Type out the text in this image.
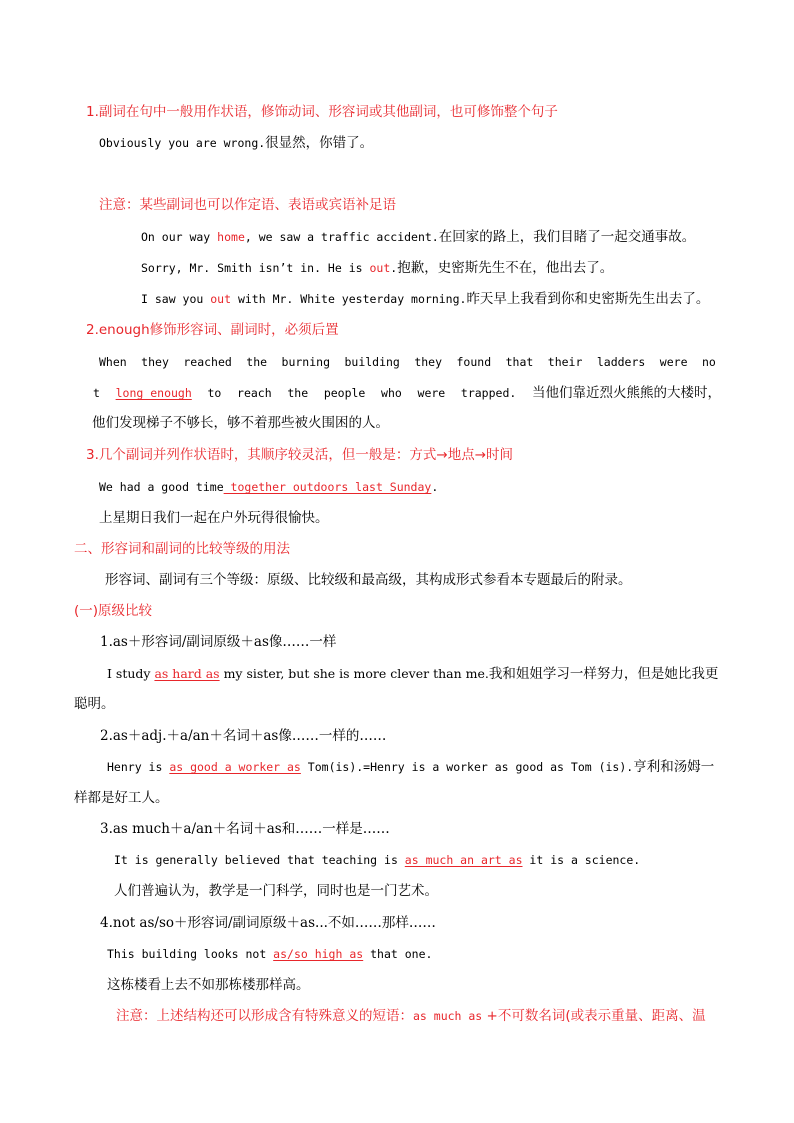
1.副词在句中一般用作状语，修饰动词、形容词或其他副词，也可修饰整个句子
Obviously you are wrong.很显然，你错了。
注意：某些副词也可以作定语、表语或宾语补足语
On our way home, we saw a traffic accident.在回家的路上，我们目睹了一起交通事故。
Sorry, Mr. Smith isn’t in. He is out.抱歉，史密斯先生不在，他出去了。
I saw you out with Mr. White yesterday morning.昨天早上我看到你和史密斯先生出去了。
2.enough修饰形容词、副词时，必须后置
When they reached the burning building they found that their ladders were no
t long enough to reach the people who were trapped. 当他们靠近烈火熊熊的大楼时，
他们发现梯子不够长，够不着那些被火围困的人。
3.几个副词并列作状语时，其顺序较灵活，但一般是：方式→地点→时间
We had a good time together outdoors last Sunday.
上星期日我们一起在户外玩得很愉快。
二、形容词和副词的比较等级的用法
形容词、副词有三个等级：原级、比较级和最高级，其构成形式参看本专题最后的附录。
(一)原级比较
1.as＋形容词/副词原级＋as像……一样
I study as hard as my sister, but she is more clever than me.我和姐姐学习一样努力，但是她比我更
聪明。
2.as＋adj.＋a/an＋名词＋as像……一样的……
Henry is as good a worker as Tom(is).=Henry is a worker as good as Tom (is).亨利和汤姆一
样都是好工人。
3.as much＋a/an＋名词＋as和……一样是……
It is generally believed that teaching is as much an art as it is a science.
人们普遍认为，教学是一门科学，同时也是一门艺术。
4.not as/so＋形容词/副词原级＋as...不如……那样……
This building looks not as/so high as that one.
这栋楼看上去不如那栋楼那样高。
注意：上述结构还可以形成含有特殊意义的短语：as much as +不可数名词(或表示重量、距离、温
